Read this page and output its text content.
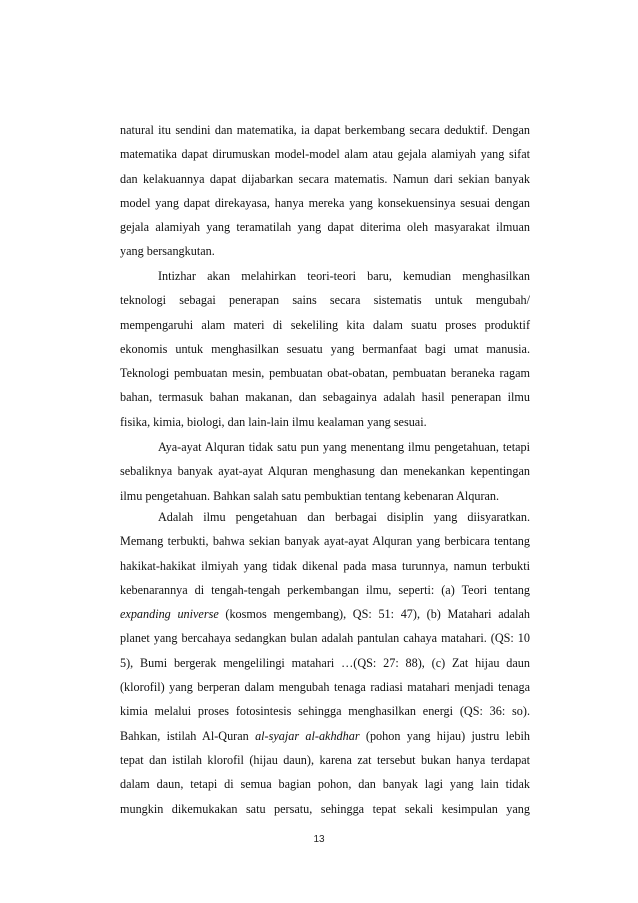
natural itu sendini dan matematika, ia dapat berkembang secara deduktif. Dengan
matematika dapat dirumuskan model-model alam atau gejala alamiyah yang sifat
dan kelakuannya dapat dijabarkan secara matematis. Namun dari sekian banyak
model yang dapat direkayasa, hanya mereka yang konsekuensinya sesuai dengan
gejala alamiyah yang teramatilah yang dapat diterima oleh masyarakat ilmuan
yang bersangkutan.
Intizhar akan melahirkan teori-teori baru, kemudian menghasilkan
teknologi sebagai penerapan sains secara sistematis untuk mengubah/
mempengaruhi alam materi di sekeliling kita dalam suatu proses produktif
ekonomis untuk menghasilkan sesuatu yang bermanfaat bagi umat manusia.
Teknologi pembuatan mesin, pembuatan obat-obatan, pembuatan beraneka ragam
bahan, termasuk bahan makanan, dan sebagainya adalah hasil penerapan ilmu
fisika, kimia, biologi, dan lain-lain ilmu kealaman yang sesuai.
Aya-ayat Alquran tidak satu pun yang menentang ilmu pengetahuan, tetapi
sebaliknya banyak ayat-ayat Alquran menghasung dan menekankan kepentingan
ilmu pengetahuan. Bahkan salah satu pembuktian tentang kebenaran Alquran.
Adalah ilmu pengetahuan dan berbagai disiplin yang diisyaratkan.
Memang terbukti, bahwa sekian banyak ayat-ayat Alquran yang berbicara tentang
hakikat-hakikat ilmiyah yang tidak dikenal pada masa turunnya, namun terbukti
kebenarannya di tengah-tengah perkembangan ilmu, seperti: (a) Teori tentang
expanding universe (kosmos mengembang), QS: 51: 47), (b) Matahari adalah
planet yang bercahaya sedangkan bulan adalah pantulan cahaya matahari. (QS: 10
5), Bumi bergerak mengelilingi matahari …(QS: 27: 88), (c) Zat hijau daun
(klorofil) yang berperan dalam mengubah tenaga radiasi matahari menjadi tenaga
kimia melalui proses fotosintesis sehingga menghasilkan energi (QS: 36: so).
Bahkan, istilah Al-Quran al-syajar al-akhdhar (pohon yang hijau) justru lebih
tepat dan istilah klorofil (hijau daun), karena zat tersebut bukan hanya terdapat
dalam daun, tetapi di semua bagian pohon, dan banyak lagi yang lain tidak
mungkin dikemukakan satu persatu, sehingga tepat sekali kesimpulan yang
13
